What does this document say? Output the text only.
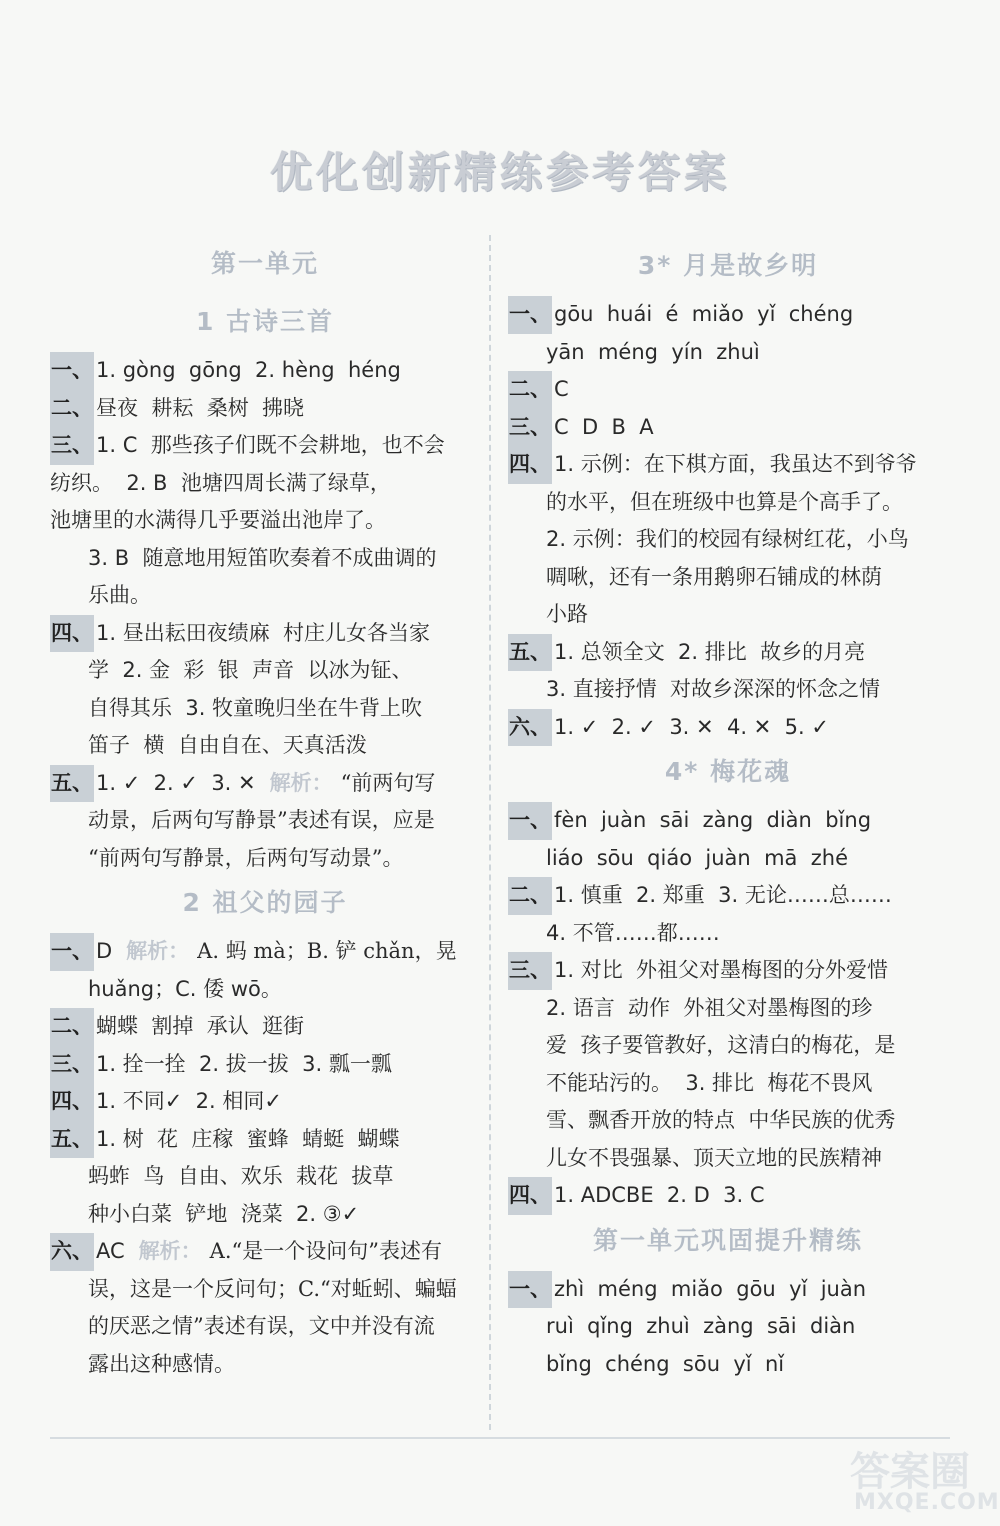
优化创新精练参考答案
第一单元
1 古诗三首
一、 1. gòng  gōng  2. hèng  héng
二、 昼夜  耕耘  桑树  拂晓
三、 1. C  那些孩子们既不会耕地，也不会
纺织。  2. B  池塘四周长满了绿草，
池塘里的水满得几乎要溢出池岸了。
3. B  随意地用短笛吹奏着不成曲调的
乐曲。
四、 1. 昼出耘田夜绩麻  村庄儿女各当家
学  2. 金  彩  银  声音  以冰为钲、
自得其乐  3. 牧童晚归坐在牛背上吹
笛子  横  自由自在、天真活泼
五、 1. ✓  2. ✓  3. ✕ 解析： “前两句写
动景，后两句写静景”表述有误，应是
“前两句写静景，后两句写动景”。
2 祖父的园子
一、 D 解析： A. 蚂 mà；B. 铲 chǎn，晃
huǎng；C. 倭 wō。
二、 蝴蝶  割掉  承认  逛街
三、 1. 拴一拴  2. 拔一拔  3. 瓢一瓢
四、 1. 不同✓  2. 相同✓
五、 1. 树  花  庄稼  蜜蜂  蜻蜓  蝴蝶
蚂蚱  鸟  自由、欢乐  栽花  拔草
种小白菜  铲地  浇菜  2. ③✓
六、 AC 解析： A.“是一个设问句”表述有
误，这是一个反问句；C.“对蚯蚓、蝙蝠
的厌恶之情”表述有误，文中并没有流
露出这种感情。
3* 月是故乡明
一、 gōu  huái  é  miǎo  yǐ  chéng
yān  méng  yín  zhuì
二、 C
三、 C  D  B  A
四、 1. 示例：在下棋方面，我虽达不到爷爷
的水平，但在班级中也算是个高手了。
2. 示例：我们的校园有绿树红花，小鸟
啁啾，还有一条用鹅卵石铺成的林荫
小路
五、 1. 总领全文  2. 排比  故乡的月亮
3. 直接抒情  对故乡深深的怀念之情
六、 1. ✓  2. ✓  3. ✕  4. ✕  5. ✓
4* 梅花魂
一、 fèn  juàn  sāi  zàng  diàn  bǐng
liáo  sōu  qiáo  juàn  mā  zhé
二、 1. 慎重  2. 郑重  3. 无论……总……
4. 不管……都……
三、 1. 对比  外祖父对墨梅图的分外爱惜
2. 语言  动作  外祖父对墨梅图的珍
爱  孩子要管教好，这清白的梅花，是
不能玷污的。  3. 排比  梅花不畏风
雪、飘香开放的特点  中华民族的优秀
儿女不畏强暴、顶天立地的民族精神
四、 1. ADCBE  2. D  3. C
第一单元巩固提升精练
一、 zhì  méng  miǎo  gōu  yǐ  juàn
ruì  qǐng  zhuì  zàng  sāi  diàn
bǐng  chéng  sōu  yǐ  nǐ
答案圈
MXQE.COM
